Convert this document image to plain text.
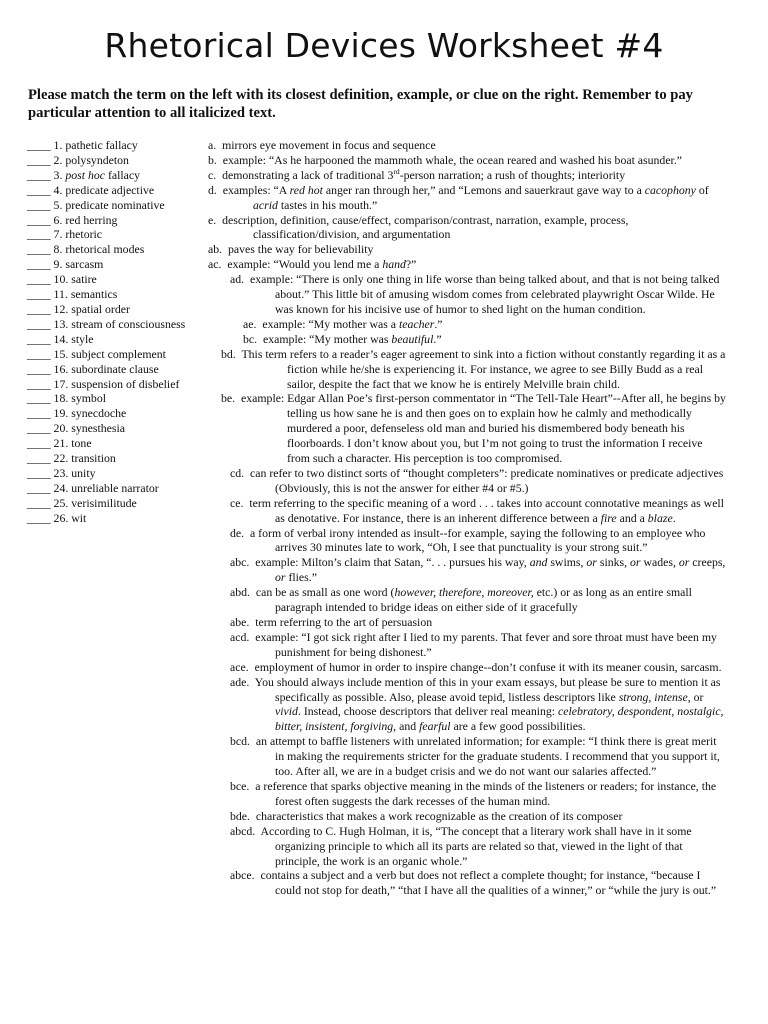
Rhetorical Devices Worksheet #4
Please match the term on the left with its closest definition, example, or clue on the right. Remember to pay particular attention to all italicized text.
____ 1. pathetic fallacy
____ 2. polysyndeton
____ 3. post hoc fallacy
____ 4. predicate adjective
____ 5. predicate nominative
____ 6. red herring
____ 7. rhetoric
____ 8. rhetorical modes
____ 9. sarcasm
____ 10. satire
____ 11. semantics
____ 12. spatial order
____ 13. stream of consciousness
____ 14. style
____ 15. subject complement
____ 16. subordinate clause
____ 17. suspension of disbelief
____ 18. symbol
____ 19. synecdoche
____ 20. synesthesia
____ 21. tone
____ 22. transition
____ 23. unity
____ 24. unreliable narrator
____ 25. verisimilitude
____ 26. wit
a. mirrors eye movement in focus and sequence
b. example: “As he harpooned the mammoth whale, the ocean reared and washed his boat asunder.”
c. demonstrating a lack of traditional 3rd-person narration; a rush of thoughts; interiority
d. examples: “A red hot anger ran through her,” and “Lemons and sauerkraut gave way to a cacophony of acrid tastes in his mouth.”
e. description, definition, cause/effect, comparison/contrast, narration, example, process, classification/division, and argumentation
ab. paves the way for believability
ac. example: “Would you lend me a hand?”
ad. example: “There is only one thing in life worse than being talked about, and that is not being talked about.” This little bit of amusing wisdom comes from celebrated playwright Oscar Wilde. He was known for his incisive use of humor to shed light on the human condition.
ae. example: “My mother was a teacher.”
bc. example: “My mother was beautiful.”
bd. This term refers to a reader’s eager agreement to sink into a fiction without constantly regarding it as a fiction while he/she is experiencing it. For instance, we agree to see Billy Budd as a real sailor, despite the fact that we know he is entirely Melville brain child.
be. example: Edgar Allan Poe’s first-person commentator in “The Tell-Tale Heart”--After all, he begins by telling us how sane he is and then goes on to explain how he calmly and methodically murdered a poor, defenseless old man and buried his dismembered body beneath his floorboards. I don’t know about you, but I’m not going to trust the information I receive from such a character. His perception is too compromised.
cd. can refer to two distinct sorts of “thought completers”: predicate nominatives or predicate adjectives (Obviously, this is not the answer for either #4 or #5.)
ce. term referring to the specific meaning of a word . . . takes into account connotative meanings as well as denotative. For instance, there is an inherent difference between a fire and a blaze.
de. a form of verbal irony intended as insult--for example, saying the following to an employee who arrives 30 minutes late to work, “Oh, I see that punctuality is your strong suit.”
abc. example: Milton’s claim that Satan, “. . . pursues his way, and swims, or sinks, or wades, or creeps, or flies.”
abd. can be as small as one word (however, therefore, moreover, etc.) or as long as an entire small paragraph intended to bridge ideas on either side of it gracefully
abe. term referring to the art of persuasion
acd. example: “I got sick right after I lied to my parents. That fever and sore throat must have been my punishment for being dishonest.”
ace. employment of humor in order to inspire change--don’t confuse it with its meaner cousin, sarcasm.
ade. You should always include mention of this in your exam essays, but please be sure to mention it as specifically as possible. Also, please avoid tepid, listless descriptors like strong, intense, or vivid. Instead, choose descriptors that deliver real meaning: celebratory, despondent, nostalgic, bitter, insistent, forgiving, and fearful are a few good possibilities.
bcd. an attempt to baffle listeners with unrelated information; for example: “I think there is great merit in making the requirements stricter for the graduate students. I recommend that you support it, too. After all, we are in a budget crisis and we do not want our salaries affected.”
bce. a reference that sparks objective meaning in the minds of the listeners or readers; for instance, the forest often suggests the dark recesses of the human mind.
bde. characteristics that makes a work recognizable as the creation of its composer
abcd. According to C. Hugh Holman, it is, “The concept that a literary work shall have in it some organizing principle to which all its parts are related so that, viewed in the light of that principle, the work is an organic whole.”
abce. contains a subject and a verb but does not reflect a complete thought; for instance, “because I could not stop for death,” “that I have all the qualities of a winner,” or “while the jury is out.”
